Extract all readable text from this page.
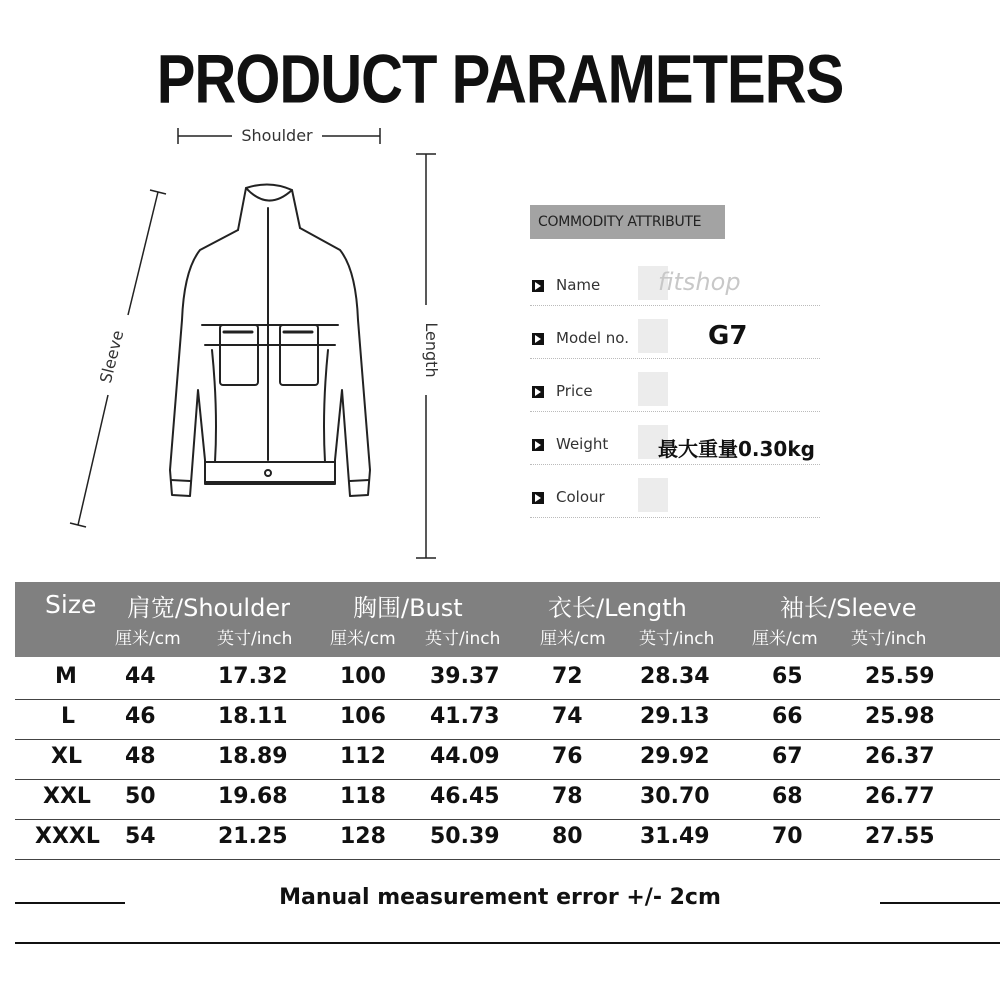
PRODUCT PARAMETERS
Shoulder
Sleeve	Length
COMMODITY ATTRIBUTE
Name fitshop
Model no.	G7
Price
Weight 最大重量0.30kg
Colour
Size 肩宽/Shoulder	胸围/Bust	衣长/Length	袖长/Sleeve
厘米/cm 英寸/inch 厘米/cm 英寸/inch 厘米/cm 英寸/inch 厘米/cm 英寸/inch
M 44	17.32 100 39.37 72	28.34	65	25.59
L 46	18.11 106 41.73 74	29.13	66	25.98
XL 48	18.89 112 44.09 76	29.92	67	26.37
XXL 50	19.68 118 46.45 78	30.70	68	26.77
XXXL 54	21.25 128 50.39 80	31.49	70	27.55
Manual measurement error +/- 2cm
